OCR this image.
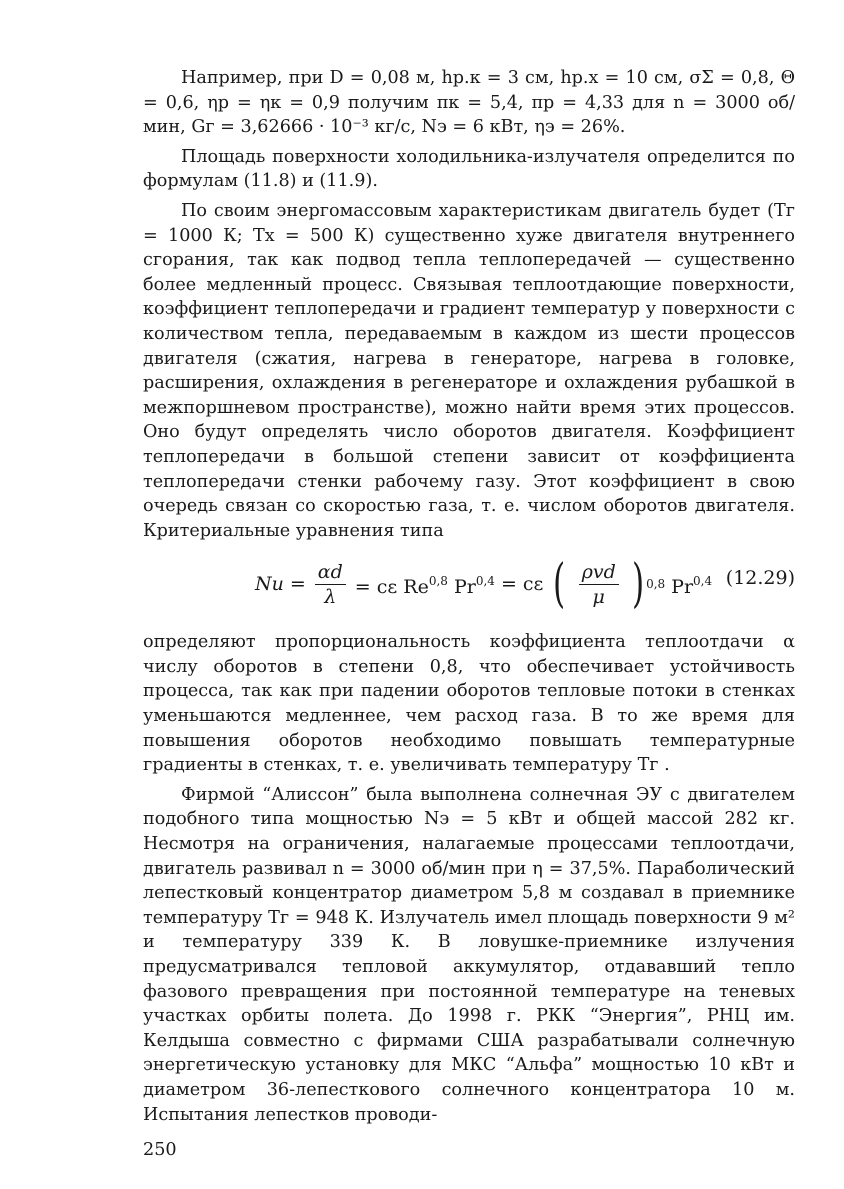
Например, при D = 0,08 м, hр.к = 3 см, hр.х = 10 см, σΣ = 0,8, Θ = 0,6, ηр = ηк = 0,9 получим πк = 5,4, πр = 4,33 для n = 3000 об/мин, Gг = 3,62666 · 10⁻³ кг/с, Nэ = 6 кВт, ηэ = 26%.

Площадь поверхности холодильника-излучателя определится по формулам (11.8) и (11.9).

По своим энергомассовым характеристикам двигатель будет (Tг = 1000 К; Tх = 500 К) существенно хуже двигателя внутреннего сгорания, так как подвод тепла теплопередачей — существенно более медленный процесс. Связывая теплоотдающие поверхности, коэффициент теплопередачи и градиент температур у поверхности с количеством тепла, передаваемым в каждом из шести процессов двигателя (сжатия, нагрева в генераторе, нагрева в головке, расширения, охлаждения в регенераторе и охлаждения рубашкой в межпоршневом пространстве), можно найти время этих процессов. Оно будут определять число оборотов двигателя. Коэффициент теплопередачи в большой степени зависит от коэффициента теплопередачи стенки рабочему газу. Этот коэффициент в свою очередь связан со скоростью газа, т. е. числом оборотов двигателя. Критериальные уравнения типа

$Nu = \frac{\alpha d}{\lambda} = c\varepsilon$ Re$^{0,8}$ Pr$^{0,4}$ = cε ( $\frac{\text{ρvd}}{\mu}$ ) 0,8 Pr$^{0,4}$ (12.29)

определяют пропорциональность коэффициента теплоотдачи α числу оборотов в степени 0,8, что обеспечивает устойчивость процесса, так как при падении оборотов тепловые потоки в стенках уменьшаются медленнее, чем расход газа. В то же время для повышения оборотов необходимо повышать температурные градиенты в стенках, т. е. увеличивать температуру Tг .

Фирмой “Алиссон” была выполнена солнечная ЭУ с двигателем подобного типа мощностью Nэ = 5 кВт и общей массой 282 кг. Несмотря на ограничения, налагаемые процессами теплоотдачи, двигатель развивал n = 3000 об/мин при η = 37,5%. Параболический лепестковый концентратор диаметром 5,8 м создавал в приемнике температуру Tг = 948 К. Излучатель имел площадь поверхности 9 м² и температуру 339 К. В ловушке-приемнике излучения предусматривался тепловой аккумулятор, отдававший тепло фазового превращения при постоянной температуре на теневых участках орбиты полета. До 1998 г. РКК “Энергия”, РНЦ им. Келдыша совместно с фирмами США разрабатывали солнечную энергетическую установку для МКС “Альфа” мощностью 10 кВт и диаметром 36-лепесткового солнечного концентратора 10 м. Испытания лепестков проводи-

250
